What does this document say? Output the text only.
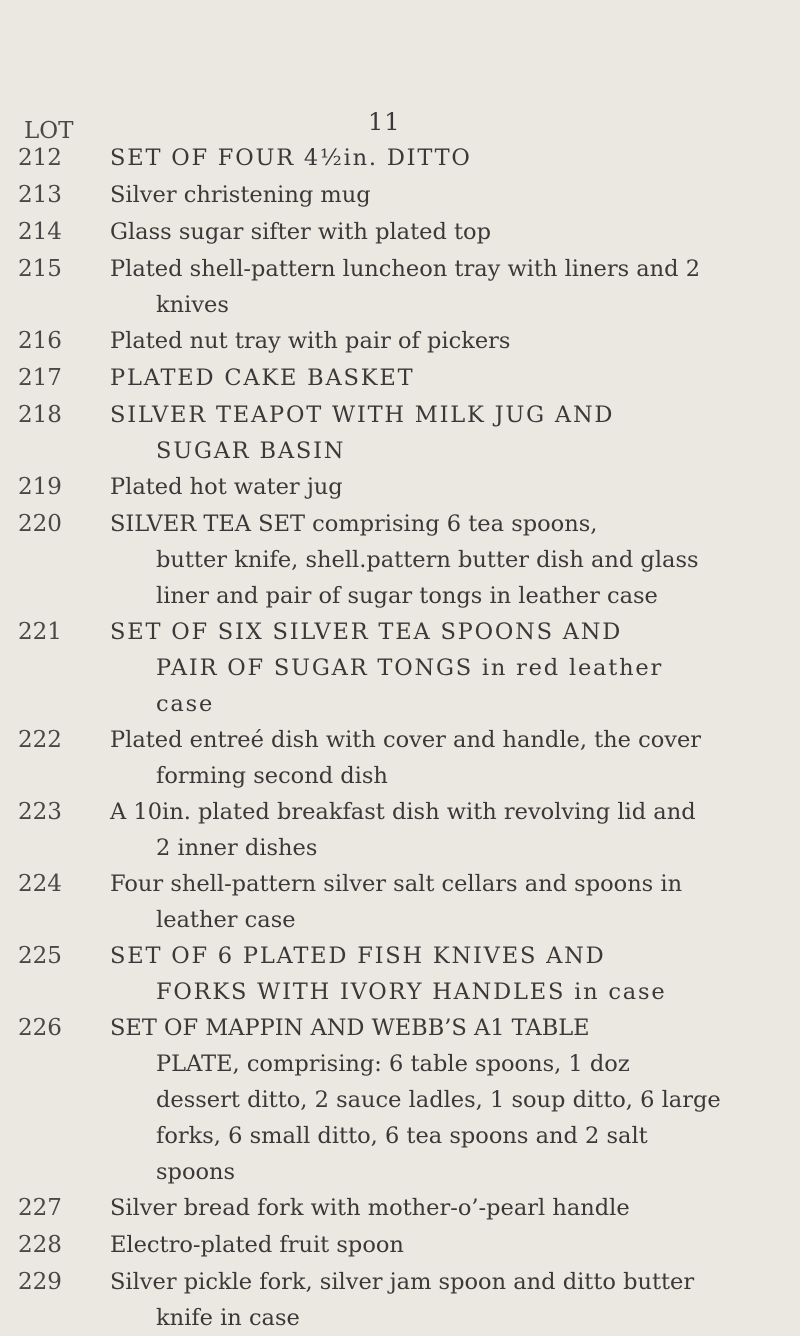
11
LOT
212	SET OF FOUR 4½in. DITTO
213	Silver christening mug
214	Glass sugar sifter with plated top
215	Plated shell-pattern luncheon tray with liners and 2
knives
216	Plated nut tray with pair of pickers
217	PLATED CAKE BASKET
218	SILVER TEAPOT WITH MILK JUG AND
SUGAR BASIN
219	Plated hot water jug
220	SILVER TEA SET comprising 6 tea spoons,
butter knife, shell.pattern butter dish and glass
liner and pair of sugar tongs in leather case
221	SET OF SIX SILVER TEA SPOONS AND
PAIR OF SUGAR TONGS in red leather
case
222	Plated entreé dish with cover and handle, the cover
forming second dish
223	A 10in. plated breakfast dish with revolving lid and
2 inner dishes
224	Four shell-pattern silver salt cellars and spoons in
leather case
225	SET OF 6 PLATED FISH KNIVES AND
FORKS WITH IVORY HANDLES in case
226	SET OF MAPPIN AND WEBB’S A1 TABLE
PLATE, comprising: 6 table spoons, 1 doz
dessert ditto, 2 sauce ladles, 1 soup ditto, 6 large
forks, 6 small ditto, 6 tea spoons and 2 salt
spoons
227	Silver bread fork with mother-o’-pearl handle
228	Electro-plated fruit spoon
229	Silver pickle fork, silver jam spoon and ditto butter
knife in case
